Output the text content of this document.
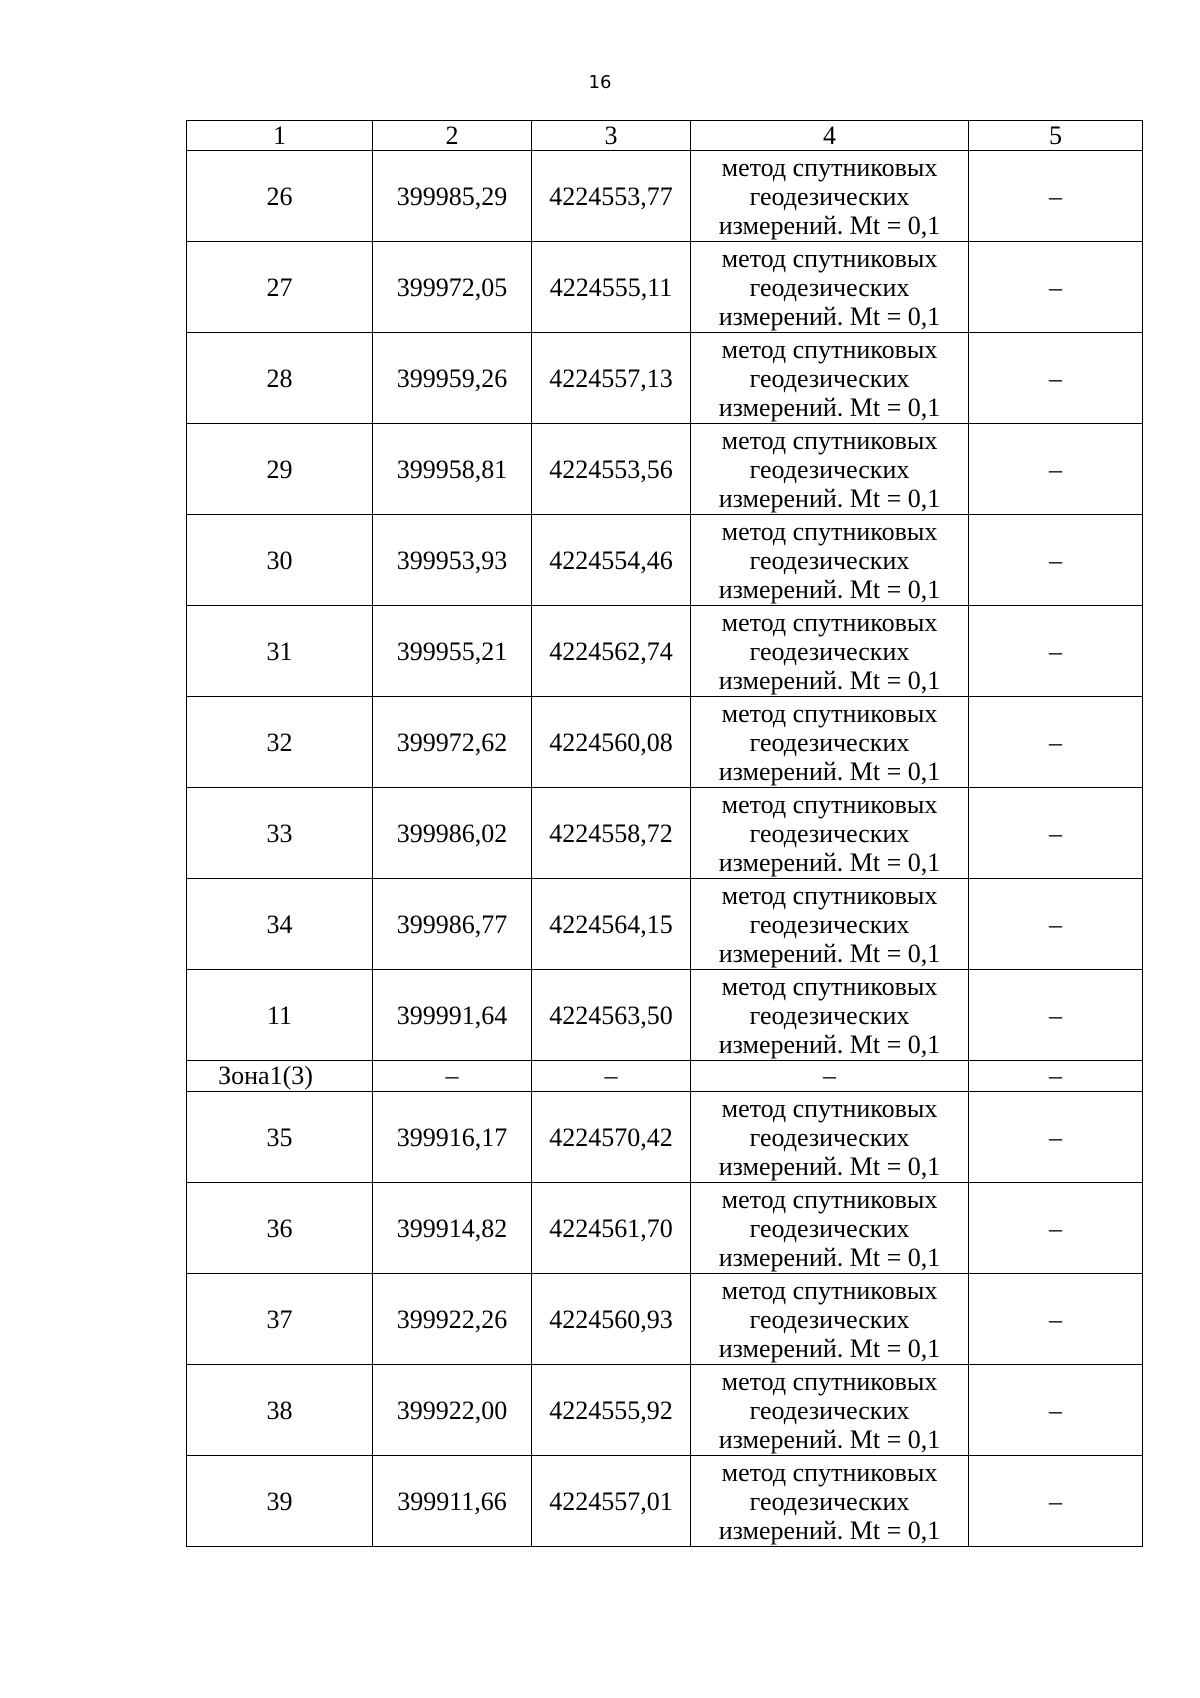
16
1	2	3	4	5
26	399985,29	4224553,77	метод спутниковых
геодезических
измерений. Mt = 0,1	–
27	399972,05	4224555,11	метод спутниковых
геодезических
измерений. Mt = 0,1	–
28	399959,26	4224557,13	метод спутниковых
геодезических
измерений. Mt = 0,1	–
29	399958,81	4224553,56	метод спутниковых
геодезических
измерений. Mt = 0,1	–
30	399953,93	4224554,46	метод спутниковых
геодезических
измерений. Mt = 0,1	–
31	399955,21	4224562,74	метод спутниковых
геодезических
измерений. Mt = 0,1	–
32	399972,62	4224560,08	метод спутниковых
геодезических
измерений. Mt = 0,1	–
33	399986,02	4224558,72	метод спутниковых
геодезических
измерений. Mt = 0,1	–
34	399986,77	4224564,15	метод спутниковых
геодезических
измерений. Mt = 0,1	–
11	399991,64	4224563,50	метод спутниковых
геодезических
измерений. Mt = 0,1	–
Зона1(3)	–	–	–	–
35	399916,17	4224570,42	метод спутниковых
геодезических
измерений. Mt = 0,1	–
36	399914,82	4224561,70	метод спутниковых
геодезических
измерений. Mt = 0,1	–
37	399922,26	4224560,93	метод спутниковых
геодезических
измерений. Mt = 0,1	–
38	399922,00	4224555,92	метод спутниковых
геодезических
измерений. Mt = 0,1	–
39	399911,66	4224557,01	метод спутниковых
геодезических
измерений. Mt = 0,1	–
